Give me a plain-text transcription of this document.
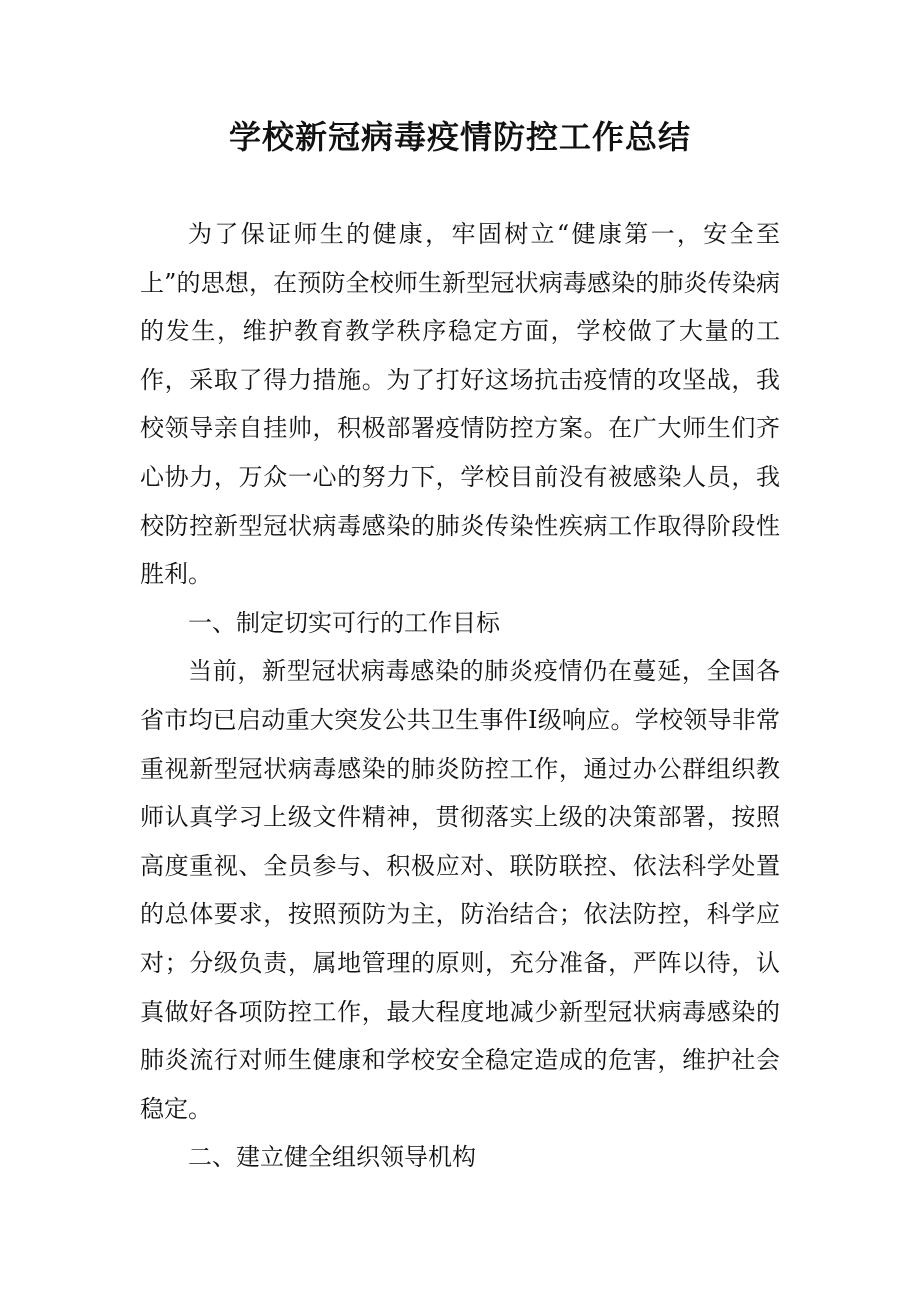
学校新冠病毒疫情防控工作总结

为了保证师生的健康，牢固树立“健康第一，安全至上”的思想，在预防全校师生新型冠状病毒感染的肺炎传染病的发生，维护教育教学秩序稳定方面，学校做了大量的工作，采取了得力措施。为了打好这场抗击疫情的攻坚战，我校领导亲自挂帅，积极部署疫情防控方案。在广大师生们齐心协力，万众一心的努力下，学校目前没有被感染人员，我校防控新型冠状病毒感染的肺炎传染性疾病工作取得阶段性胜利。

一、制定切实可行的工作目标

当前，新型冠状病毒感染的肺炎疫情仍在蔓延，全国各省市均已启动重大突发公共卫生事件Ⅰ级响应。学校领导非常重视新型冠状病毒感染的肺炎防控工作，通过办公群组织教师认真学习上级文件精神，贯彻落实上级的决策部署，按照高度重视、全员参与、积极应对、联防联控、依法科学处置的总体要求，按照预防为主，防治结合；依法防控，科学应对；分级负责，属地管理的原则，充分准备，严阵以待，认真做好各项防控工作，最大程度地减少新型冠状病毒感染的肺炎流行对师生健康和学校安全稳定造成的危害，维护社会稳定。

二、建立健全组织领导机构
